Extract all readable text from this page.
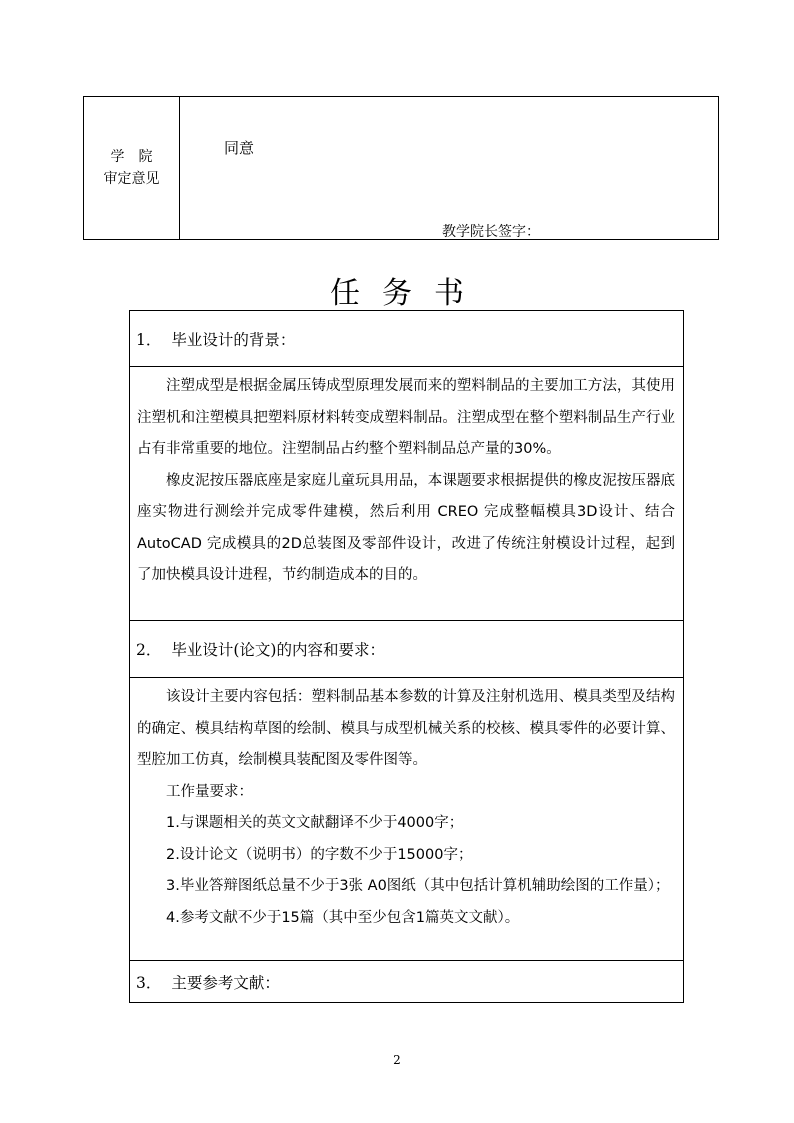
学院
审定意见
同意
教学院长签字：
任务书
1． 毕业设计的背景：

注塑成型是根据金属压铸成型原理发展而来的塑料制品的主要加工方法，其使用注塑机和注塑模具把塑料原材料转变成塑料制品。注塑成型在整个塑料制品生产行业占有非常重要的地位。注塑制品占约整个塑料制品总产量的30%。

橡皮泥按压器底座是家庭儿童玩具用品，本课题要求根据提供的橡皮泥按压器底座实物进行测绘并完成零件建模，然后利用 CREO 完成整幅模具3D设计、结合 AutoCAD 完成模具的2D总装图及零部件设计，改进了传统注射模设计过程，起到了加快模具设计进程，节约制造成本的目的。

2． 毕业设计(论文)的内容和要求：

该设计主要内容包括：塑料制品基本参数的计算及注射机选用、模具类型及结构的确定、模具结构草图的绘制、模具与成型机械关系的校核、模具零件的必要计算、型腔加工仿真，绘制模具装配图及零件图等。

工作量要求：

1.与课题相关的英文文献翻译不少于4000字；

2.设计论文（说明书）的字数不少于15000字；

3.毕业答辩图纸总量不少于3张 A0图纸（其中包括计算机辅助绘图的工作量）；

4.参考文献不少于15篇（其中至少包含1篇英文文献）。

3． 主要参考文献：
2
